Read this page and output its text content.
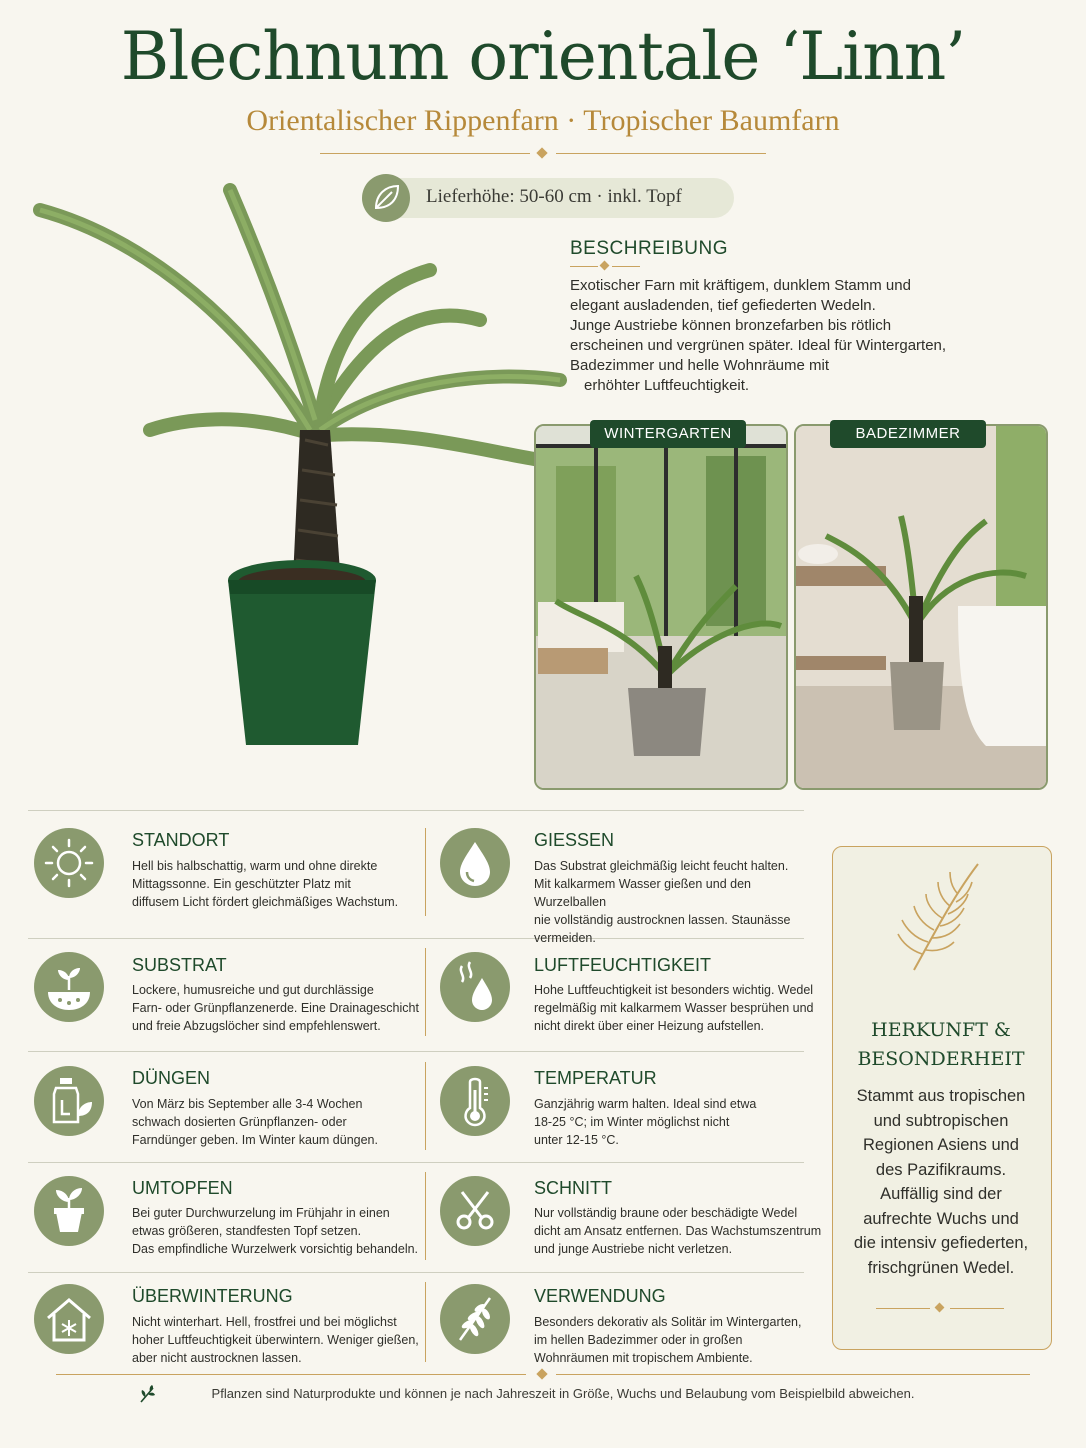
Blechnum orientale ‘Linn’
Orientalischer Rippenfarn · Tropischer Baumfarn
Lieferhöhe: 50-60 cm · inkl. Topf
BESCHREIBUNG
Exotischer Farn mit kräftigem, dunklem Stamm und
elegant ausladenden, tief gefiederten Wedeln.
Junge Austriebe können bronzefarben bis rötlich
erscheinen und vergrünen später. Ideal für Wintergarten,
Badezimmer und helle Wohnräume mit
erhöhter Luftfeuchtigkeit.
WINTERGARTEN	BADEZIMMER
STANDORT
Hell bis halbschattig, warm und ohne direkte
Mittagssonne. Ein geschützter Platz mit
diffusem Licht fördert gleichmäßiges Wachstum.
SUBSTRAT
Lockere, humusreiche und gut durchlässige
Farn- oder Grünpflanzenerde. Eine Drainageschicht
und freie Abzugslöcher sind empfehlenswert.
DÜNGEN
Von März bis September alle 3-4 Wochen
schwach dosierten Grünpflanzen- oder
Farndünger geben. Im Winter kaum düngen.
UMTOPFEN
Bei guter Durchwurzelung im Frühjahr in einen
etwas größeren, standfesten Topf setzen.
Das empfindliche Wurzelwerk vorsichtig behandeln.
ÜBERWINTERUNG
Nicht winterhart. Hell, frostfrei und bei möglichst
hoher Luftfeuchtigkeit überwintern. Weniger gießen,
aber nicht austrocknen lassen.
GIESSEN
Das Substrat gleichmäßig leicht feucht halten.
Mit kalkarmem Wasser gießen und den Wurzelballen
nie vollständig austrocknen lassen. Staunässe
vermeiden.
LUFTFEUCHTIGKEIT
Hohe Luftfeuchtigkeit ist besonders wichtig. Wedel
regelmäßig mit kalkarmem Wasser besprühen und
nicht direkt über einer Heizung aufstellen.
TEMPERATUR
Ganzjährig warm halten. Ideal sind etwa
18-25 °C; im Winter möglichst nicht
unter 12-15 °C.
SCHNITT
Nur vollständig braune oder beschädigte Wedel
dicht am Ansatz entfernen. Das Wachstumszentrum
und junge Austriebe nicht verletzen.
VERWENDUNG
Besonders dekorativ als Solitär im Wintergarten,
im hellen Badezimmer oder in großen
Wohnräumen mit tropischem Ambiente.
HERKUNFT &
BESONDERHEIT
Stammt aus tropischen
und subtropischen
Regionen Asiens und
des Pazifikraums.
Auffällig sind der
aufrechte Wuchs und
die intensiv gefiederten,
frischgrünen Wedel.
Pflanzen sind Naturprodukte und können je nach Jahreszeit in Größe, Wuchs und Belaubung vom Beispielbild abweichen.
